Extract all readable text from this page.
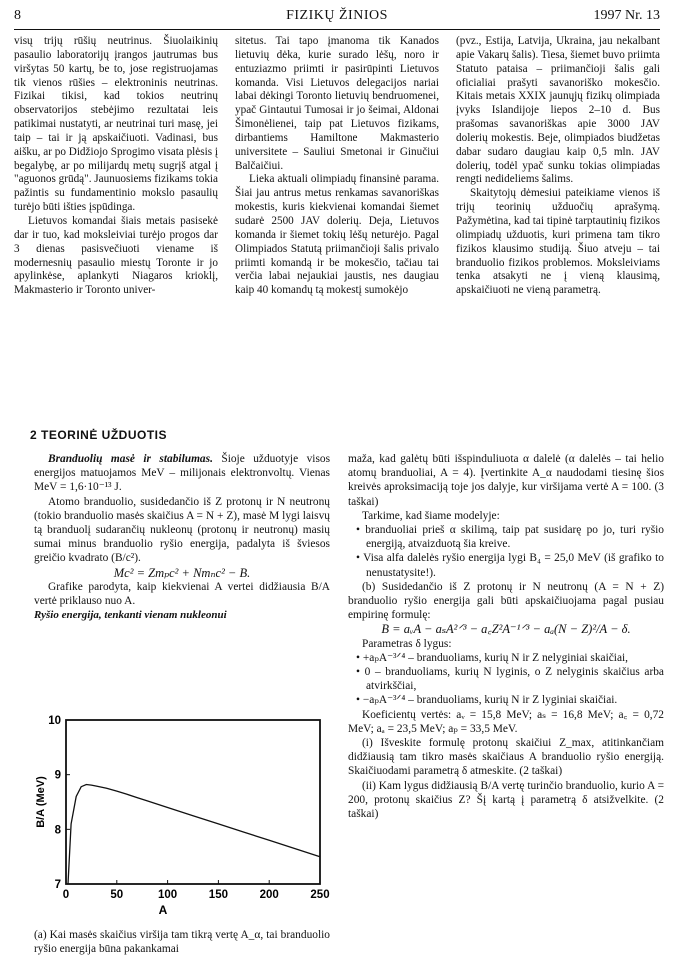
8	FIZIKŲ ŽINIOS	1997 Nr. 13

visų trijų rūšių neutrinus. Šiuolaikinių pasaulio laboratorijų įrangos jautrumas bus viršytas 50 kartų, be to, jose registruojamas tik vienos rūšies – elektroninis neutrinas. Fizikai tikisi, kad tokios neutrinų observatorijos stebėjimo rezultatai leis patikimai nustatyti, ar neutrinai turi masę, jei taip – tai ir ją apskaičiuoti. Vadinasi, bus aišku, ar po Didžiojo Sprogimo visata plėsis į begalybę, ar po milijardų metų sugrįš atgal į "aguonos grūdą". Jaunuosiems fizikams tokia pažintis su fundamentinio mokslo pasaulių turėjo būti išties įspūdinga.

Lietuvos komandai šiais metais pasisekė dar ir tuo, kad moksleiviai turėjo progos dar 3 dienas pasisvečiuoti viename iš modernesnių pasaulio miestų Toronte ir jo apylinkėse, aplankyti Niagaros krioklį, Makmasterio ir Toronto univer-

sitetus. Tai tapo įmanoma tik Kanados lietuvių dėka, kurie surado lėšų, noro ir entuziazmo priimti ir pasirūpinti Lietuvos komanda. Visi Lietuvos delegacijos nariai labai dėkingi Toronto lietuvių bendruomenei, ypač Gintautui Tumosai ir jo šeimai, Aldonai Šimonėlienei, taip pat Lietuvos fizikams, dirbantiems Hamiltone Makmasterio universitete – Sauliui Smetonai ir Ginučiui Balčaičiui.

Lieka aktuali olimpiadų finansinė parama. Šiai jau antrus metus renkamas savanoriškas mokestis, kuris kiekvienai komandai šiemet sudarė 2500 JAV dolerių. Deja, Lietuvos komanda ir šiemet tokių lėšų neturėjo. Pagal Olimpiados Statutą priimančioji šalis privalo priimti komandą ir be mokesčio, tačiau tai verčia labai nejaukiai jaustis, nes daugiau kaip 40 komandų tą mokestį sumokėjo

(pvz., Estija, Latvija, Ukraina, jau nekalbant apie Vakarų šalis). Tiesa, šiemet buvo priimta Statuto pataisa – priimančioji šalis gali oficialiai prašyti savanoriško mokesčio. Kitais metais XXIX jaunųjų fizikų olimpiada įvyks Islandijoje liepos 2–10 d. Bus prašomas savanoriškas apie 3000 JAV dolerių mokestis. Beje, olimpiados biudžetas dabar sudaro daugiau kaip 0,5 mln. JAV dolerių, todėl ypač sunku tokias olimpiadas rengti nedideliems šalims.

Skaitytojų dėmesiui pateikiame vienos iš trijų teorinių užduočių aprašymą. Pažymėtina, kad tai tipinė tarptautinių fizikos olimpiadų užduotis, kuri primena tam tikro fizikos klausimo studiją. Šiuo atveju – tai branduolio fizikos problemos. Moksleiviams tenka atsakyti ne į vieną klausimą, apskaičiuoti ne vieną parametrą.

2 TEORINĖ UŽDUOTIS

Branduolių masė ir stabilumas. Šioje užduotyje visos energijos matuojamos MeV – milijonais elektronvoltų. Vienas MeV = 1,6·10⁻¹³ J.

Atomo branduolio, susidedančio iš Z protonų ir N neutronų (tokio branduolio masės skaičius A = N + Z), masė M lygi laisvų tą branduolį sudarančių nukleonų (protonų ir neutronų) masių sumai minus branduolio ryšio energija, padalyta iš šviesos greičio kvadrato (B/c²).

Mc² = Zmₚc² + Nmₙc² − B.

Grafike parodyta, kaip kiekvienai A vertei didžiausia B/A vertė priklauso nuo A.

Ryšio energija, tenkanti vienam nukleonui

0	50	100	150	200	250
7
8
9
10
B/A (MeV)
A
(a) Kai masės skaičius viršija tam tikrą vertę A_α, tai branduolio ryšio energija būna pakankamai

maža, kad galėtų būti išspinduliuota α dalelė (α dalelės – tai helio atomų branduoliai, A = 4). Įvertinkite A_α naudodami tiesinę šios kreivės aproksimaciją toje jos dalyje, kur viršijama vertė A = 100. (3 taškai)

Tarkime, kad šiame modelyje:

• branduoliai prieš α skilimą, taip pat susidarę po jo, turi ryšio energiją, atvaizduotą šia kreive.

• Visa alfa dalelės ryšio energija lygi B₄ = 25,0 MeV (iš grafiko to nenustatysite!).

(b) Susidedančio iš Z protonų ir N neutronų (A = N + Z) branduolio ryšio energija gali būti apskaičiuojama pagal pusiau empirinę formulę:

B = aᵥA − aₛA²ᐟ³ − a꜀Z²A⁻¹ᐟ³ − aₐ(N − Z)²/A − δ.

Parametras δ lygus:

• +aₚA⁻³ᐟ⁴ – branduoliams, kurių N ir Z nelyginiai skaičiai,

• 0 – branduoliams, kurių N lyginis, o Z nelyginis skaičius arba atvirkščiai,

• −aₚA⁻³ᐟ⁴ – branduoliams, kurių N ir Z lyginiai skaičiai.

Koeficientų vertės: aᵥ = 15,8 MeV; aₛ = 16,8 MeV; a꜀ = 0,72 MeV; aₐ = 23,5 MeV; aₚ = 33,5 MeV.

(i) Išveskite formulę protonų skaičiui Z_max, atitinkančiam didžiausią tam tikro masės skaičiaus A branduolio ryšio energiją. Skaičiuodami parametrą δ atmeskite. (2 taškai)

(ii) Kam lygus didžiausią B/A vertę turinčio branduolio, kurio A = 200, protonų skaičius Z? Šį kartą į parametrą δ atsižvelkite. (2 taškai)
